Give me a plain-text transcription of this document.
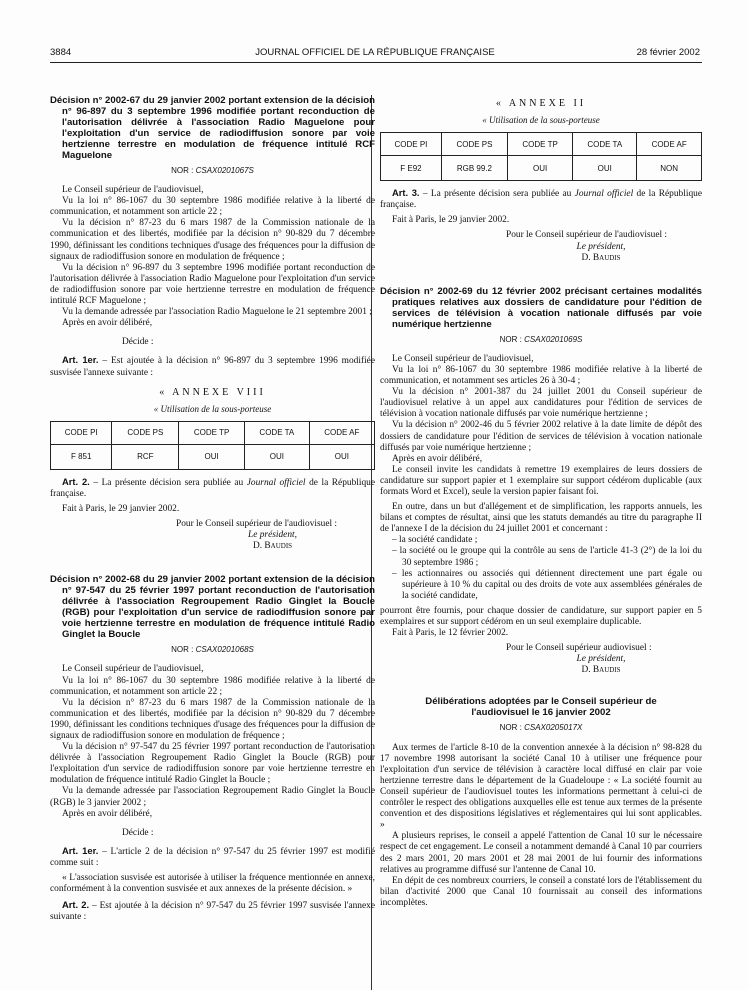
3884	JOURNAL OFFICIEL DE LA RÉPUBLIQUE FRANÇAISE	28 février 2002
Décision n° 2002-67 du 29 janvier 2002 portant extension de la décision n° 96-897 du 3 septembre 1996 modifiée portant reconduction de l'autorisation délivrée à l'association Radio Maguelone pour l'exploitation d'un service de radiodiffusion sonore par voie hertzienne terrestre en modulation de fréquence intitulé RCF Maguelone
NOR : CSAX0201067S

Le Conseil supérieur de l'audiovisuel,

Vu la loi n° 86-1067 du 30 septembre 1986 modifiée relative à la liberté de communication, et notamment son article 22 ;

Vu la décision n° 87-23 du 6 mars 1987 de la Commission nationale de la communication et des libertés, modifiée par la décision n° 90-829 du 7 décembre 1990, définissant les conditions techniques d'usage des fréquences pour la diffusion de signaux de radiodiffusion sonore en modulation de fréquence ;

Vu la décision n° 96-897 du 3 septembre 1996 modifiée portant reconduction de l'autorisation délivrée à l'association Radio Maguelone pour l'exploitation d'un service de radiodiffusion sonore par voie hertzienne terrestre en modulation de fréquence intitulé RCF Maguelone ;

Vu la demande adressée par l'association Radio Maguelone le 21 septembre 2001 ;

Après en avoir délibéré,

Décide :

Art. 1er. – Est ajoutée à la décision n° 96-897 du 3 septembre 1996 modifiée susvisée l'annexe suivante :

« ANNEXE VIII

« Utilisation de la sous-porteuse

CODE PI	CODE PS	CODE TP	CODE TA	CODE AF
F 851	RCF	OUI	OUI	OUI

Art. 2. – La présente décision sera publiée au Journal officiel de la République française.

Fait à Paris, le 29 janvier 2002.

Pour le Conseil supérieur de l'audiovisuel :

Le président,

D. Baudis

Décision n° 2002-68 du 29 janvier 2002 portant extension de la décision n° 97-547 du 25 février 1997 portant reconduction de l'autorisation délivrée à l'association Regroupement Radio Ginglet la Boucle (RGB) pour l'exploitation d'un service de radiodiffusion sonore par voie hertzienne terrestre en modulation de fréquence intitulé Radio Ginglet la Boucle
NOR : CSAX0201068S

Le Conseil supérieur de l'audiovisuel,

Vu la loi n° 86-1067 du 30 septembre 1986 modifiée relative à la liberté de communication, et notamment son article 22 ;

Vu la décision n° 87-23 du 6 mars 1987 de la Commission nationale de la communication et des libertés, modifiée par la décision n° 90-829 du 7 décembre 1990, définissant les conditions techniques d'usage des fréquences pour la diffusion de signaux de radiodiffusion sonore en modulation de fréquence ;

Vu la décision n° 97-547 du 25 février 1997 portant reconduction de l'autorisation délivrée à l'association Regroupement Radio Ginglet la Boucle (RGB) pour l'exploitation d'un service de radiodiffusion sonore par voie hertzienne terrestre en modulation de fréquence intitulé Radio Ginglet la Boucle ;

Vu la demande adressée par l'association Regroupement Radio Ginglet la Boucle (RGB) le 3 janvier 2002 ;

Après en avoir délibéré,

Décide :

Art. 1er. – L'article 2 de la décision n° 97-547 du 25 février 1997 est modifié comme suit :

« L'association susvisée est autorisée à utiliser la fréquence mentionnée en annexe, conformément à la convention susvisée et aux annexes de la présente décision. »

Art. 2. – Est ajoutée à la décision n° 97-547 du 25 février 1997 susvisée l'annexe suivante :

« ANNEXE II

« Utilisation de la sous-porteuse

CODE PI	CODE PS	CODE TP	CODE TA	CODE AF
F E92	RGB 99.2	OUI	OUI	NON

Art. 3. – La présente décision sera publiée au Journal officiel de la République française.

Fait à Paris, le 29 janvier 2002.

Pour le Conseil supérieur de l'audiovisuel :

Le président,

D. Baudis

Décision n° 2002-69 du 12 février 2002 précisant certaines modalités pratiques relatives aux dossiers de candidature pour l'édition de services de télévision à vocation nationale diffusés par voie numérique hertzienne
NOR : CSAX0201069S

Le Conseil supérieur de l'audiovisuel,

Vu la loi n° 86-1067 du 30 septembre 1986 modifiée relative à la liberté de communication, et notamment ses articles 26 à 30-4 ;

Vu la décision n° 2001-387 du 24 juillet 2001 du Conseil supérieur de l'audiovisuel relative à un appel aux candidatures pour l'édition de services de télévision à vocation nationale diffusés par voie numérique hertzienne ;

Vu la décision n° 2002-46 du 5 février 2002 relative à la date limite de dépôt des dossiers de candidature pour l'édition de services de télévision à vocation nationale diffusés par voie numérique hertzienne ;

Après en avoir délibéré,

Le conseil invite les candidats à remettre 19 exemplaires de leurs dossiers de candidature sur support papier et 1 exemplaire sur support cédérom duplicable (aux formats Word et Excel), seule la version papier faisant foi.

En outre, dans un but d'allégement et de simplification, les rapports annuels, les bilans et comptes de résultat, ainsi que les statuts demandés au titre du paragraphe II de l'annexe I de la décision du 24 juillet 2001 et concernant :

– la société candidate ;
– la société ou le groupe qui la contrôle au sens de l'article 41-3 (2°) de la loi du 30 septembre 1986 ;
– les actionnaires ou associés qui détiennent directement une part égale ou supérieure à 10 % du capital ou des droits de vote aux assemblées générales de la société candidate,

pourront être fournis, pour chaque dossier de candidature, sur support papier en 5 exemplaires et sur support cédérom en un seul exemplaire duplicable.

Fait à Paris, le 12 février 2002.

Pour le Conseil supérieur audiovisuel :

Le président,

D. Baudis

Délibérations adoptées par le Conseil supérieur de l'audiovisuel le 16 janvier 2002
NOR : CSAX0205017X

Aux termes de l'article 8-10 de la convention annexée à la décision n° 98-828 du 17 novembre 1998 autorisant la société Canal 10 à utiliser une fréquence pour l'exploitation d'un service de télévision à caractère local diffusé en clair par voie hertzienne terrestre dans le département de la Guadeloupe : « La société fournit au Conseil supérieur de l'audiovisuel toutes les informations permettant à celui-ci de contrôler le respect des obligations auxquelles elle est tenue aux termes de la présente convention et des dispositions législatives et réglementaires qui lui sont applicables. »

A plusieurs reprises, le conseil a appelé l'attention de Canal 10 sur le nécessaire respect de cet engagement. Le conseil a notamment demandé à Canal 10 par courriers des 2 mars 2001, 20 mars 2001 et 28 mai 2001 de lui fournir des informations relatives au programme diffusé sur l'antenne de Canal 10.

En dépit de ces nombreux courriers, le conseil a constaté lors de l'établissement du bilan d'activité 2000 que Canal 10 fournissait au conseil des informations incomplètes.
